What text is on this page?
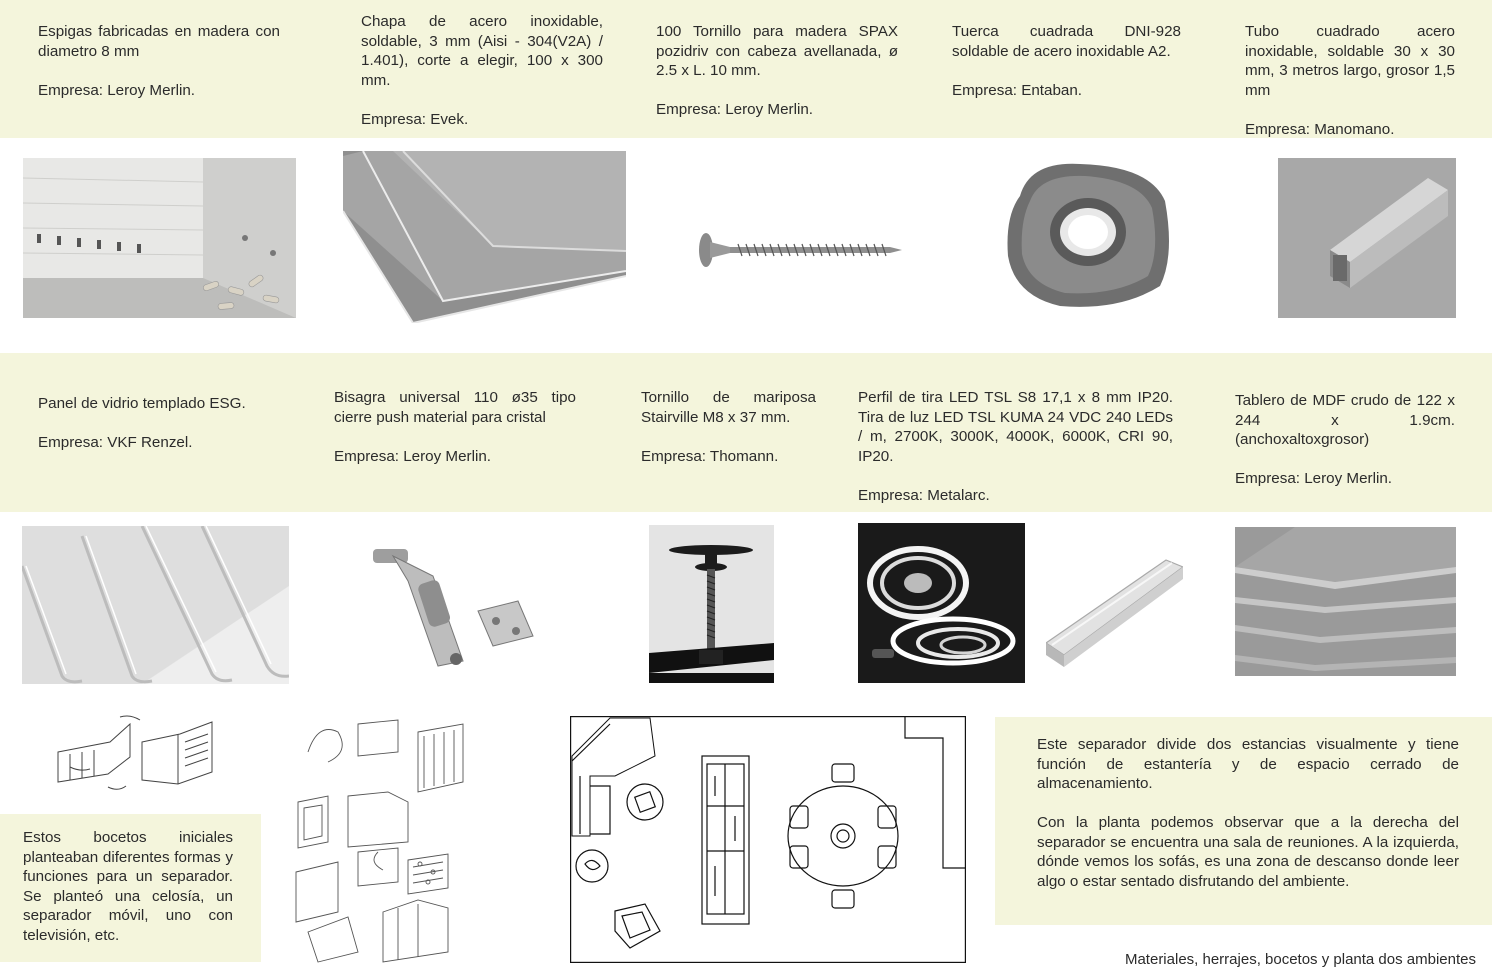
Espigas fabricadas en madera con diametro 8 mm
Empresa: Leroy Merlin.
Chapa de acero inoxidable, soldable, 3 mm (Aisi - 304(V2A) / 1.401), corte a elegir, 100 x 300 mm.
Empresa: Evek.
100 Tornillo para madera SPAX pozidriv con cabeza avellanada, ø 2.5 x L. 10 mm.
Empresa: Leroy Merlin.
Tuerca cuadrada DNI-928 soldable de acero inoxidable A2.
Empresa: Entaban.
Tubo cuadrado acero inoxidable, soldable 30 x 30 mm, 3 metros largo, grosor 1,5 mm
Empresa: Manomano.
Panel de vidrio templado ESG.
Empresa: VKF Renzel.
Bisagra universal 110 ø35 tipo cierre push material para cristal
Empresa: Leroy Merlin.
Tornillo de mariposa Stairville M8 x 37 mm.
Empresa: Thomann.
Perfil de tira LED TSL S8 17,1 x 8 mm IP20. Tira de luz LED TSL KUMA 24 VDC 240 LEDs / m, 2700K, 3000K, 4000K, 6000K, CRI 90, IP20.
Empresa: Metalarc.
Tablero de MDF crudo de 122 x 244 x 1.9cm. (anchoxaltoxgrosor)
Empresa: Leroy Merlin.

Estos bocetos iniciales planteaban diferentes formas y funciones para un separador. Se planteó una celosía, un separador móvil, uno con televisión, etc.

Este separador divide dos estancias visualmente y tiene función de estantería y de espacio cerrado de almacenamiento.

Con la planta podemos observar que a la derecha del separador se encuentra una sala de reuniones. A la izquierda, dónde vemos los sofás, es una zona de descanso donde leer algo o estar sentado disfrutando del ambiente.

Materiales, herrajes, bocetos y planta dos ambientes
